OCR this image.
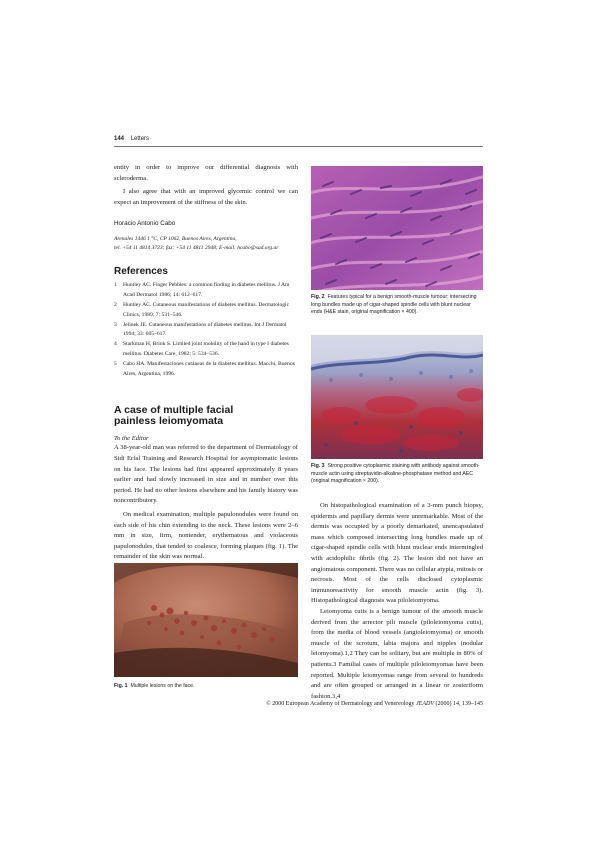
144 Letters

entity in order to improve our differential diagnosis with scleroderma.

I also agree that with an improved glycemic control we can expect an improvement of the stiffness of the skin.

Horacio Antonio Cabo

Arenales 1446 1 °C, CP 1062, Buenos Aires, Argentina,

tel. +54 11 4814 3723; fax: +54 11 4811 2948; E-mail: hcabo@sad.org.ar

References
1 Huntley AC. Finger Pebbles: a common finding in diabetes mellitus. J Am Acad Dermatol 1986; 14: 612–617.
2 Huntley AC. Cutaneous manifestations of diabetes mellitus. Dermatologic Clinics, 1989; 7: 531–546.
3 Jelinek JE. Cutaneous manifestations of diabetes mellitus. Int J Dermatol 1994; 33: 605–617.
4 Starkman H, Brink S. Limited joint mobility of the hand in type I diabetes mellitus. Diabetes Care, 1982; 5: 534–536.
5 Cabo HA. Manifestaciones cutáneas de la diabetes mellitus. Macchi, Buenos Aires, Argentina, 1996.
A case of multiple facial painless leiomyomata

To the Editor

A 38-year-old man was referred to the department of Dermatology of Sidi Erfal Training and Research Hospital for asymptomatic lesions on his face. The lesions had first appeared approximately 8 years earlier and had slowly increased in size and in number over this period. He had no other lesions elsewhere and his family history was noncontributory.

On medical examination, multiple papulonodules were found on each side of his chin extending to the neck. These lesions were 2–6 mm in size, firm, nontender, erythematous and violaceous papulonodules, that tended to coalesce, forming plaques (fig. 1). The remainder of the skin was normal.

Fig. 1 Multiple lesions on the face.

Fig. 2 Features typical for a benign smooth-muscle tumour; intersecting long bundles made up of cigar-shaped spindle cells with blunt nuclear ends (H&E stain, original magnification × 400).

Fig. 3 Strong positive cytoplasmic staining with antibody against smooth-muscle actin using streptavidin-alkaline-phosphatase method and AEC (original magnification × 200).

On histopathological examination of a 3-mm punch biopsy, epidermis and papillary dermis were unremarkable. Most of the dermis was occupied by a poorly demarkated, unencapsulated mass which composed intersecting long bundles made up of cigar-shaped spindle cells with blunt nuclear ends intermingled with acidophilic fibrils (fig. 2). The lesion did not have an angiomatous component. There was no cellular atypia, mitosis or necrosis. Most of the cells disclosed cytoplasmic immunoreactivity for smooth muscle actin (fig. 3). Histopathological diagnosis was piloleiomyoma.

Leiomyoma cutis is a benign tumour of the smooth muscle derived from the arrector pili muscle (piloleiomyoma cutis), from the media of blood vessels (angioleiomyoma) or smooth muscle of the scrotum, labia majora and nipples (nodular leiomyoma).1,2 They can be solitary, but are multiple in 80% of patients.3 Familial cases of multiple piloleiomyomas have been reported. Multiple leiomyomas range from several to hundreds and are often grouped or arranged in a linear or zosteriform fashion.3,4

© 2000 European Academy of Dermatology and Venereology JEADV (2000) 14, 139–145
